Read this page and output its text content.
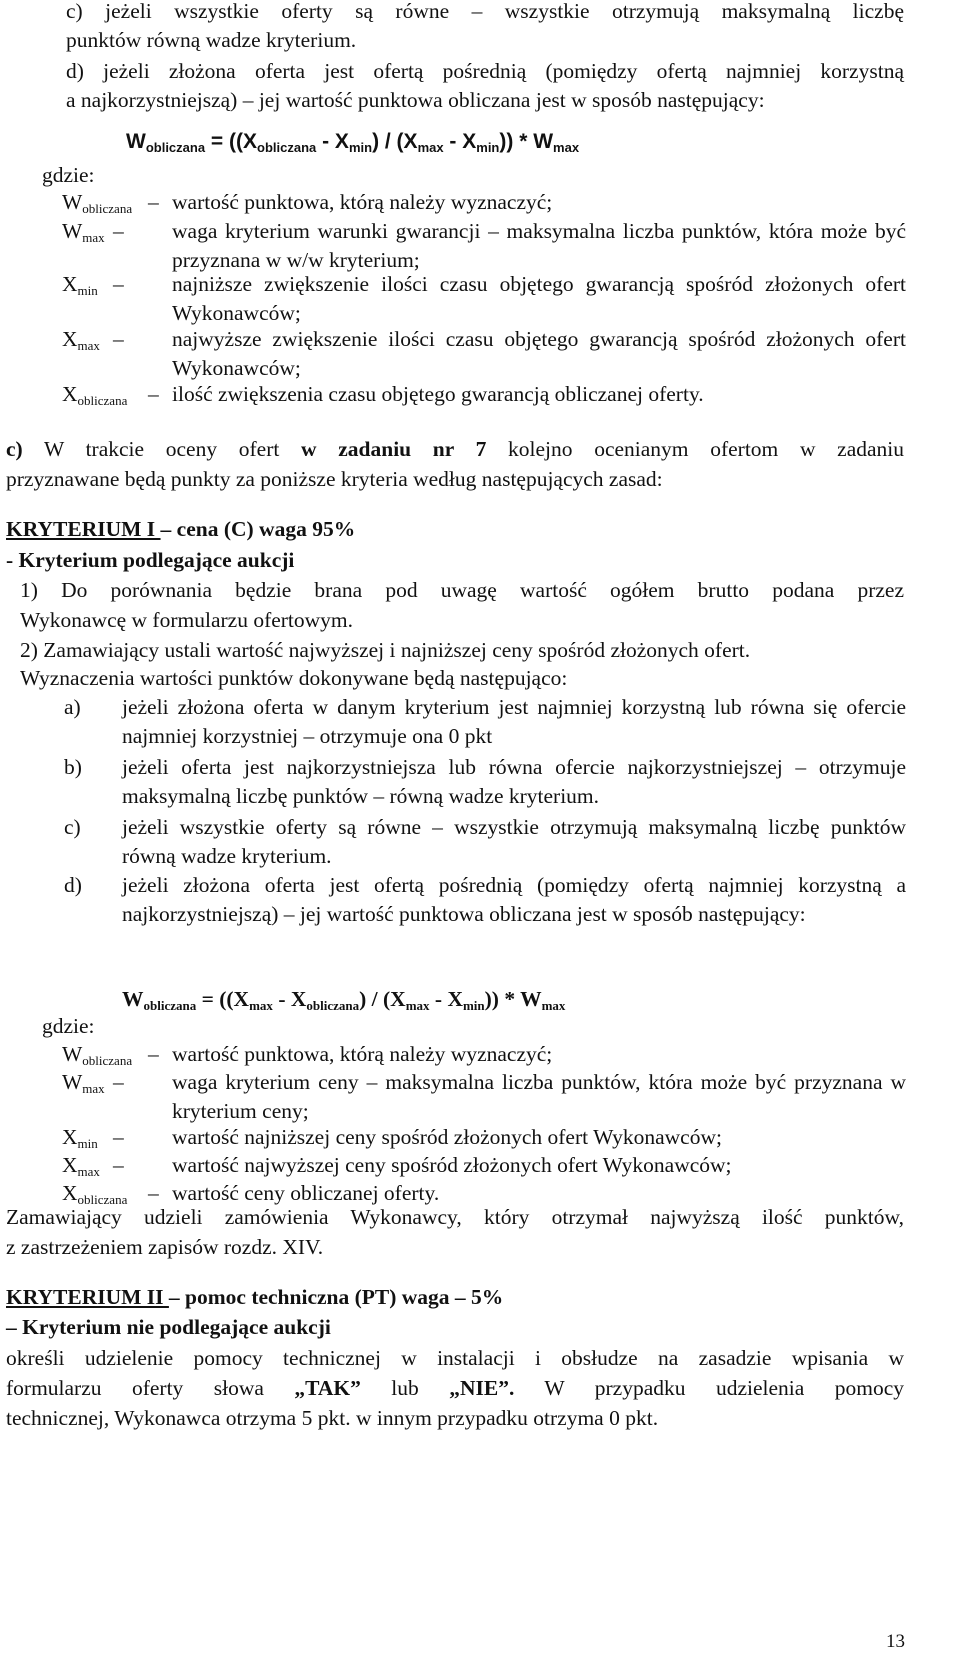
c) jeżeli wszystkie oferty są równe – wszystkie otrzymują maksymalną liczbę
punktów równą wadze kryterium.
d) jeżeli złożona oferta jest ofertą pośrednią (pomiędzy ofertą najmniej korzystną
a najkorzystniejszą) – jej wartość punktowa obliczana jest w sposób następujący:
$W_{obliczana} = ((X_{obliczana} - X_{min}) / (X_{max} - X_{min})) * W_{max}$
gdzie:
$W_{obliczana}$ – wartość punktowa, którą należy wyznaczyć;
$W_{max}$ – waga kryterium warunki gwarancji – maksymalna liczba punktów, która może być przyznana w w/w kryterium;
$X_{min}$ – najniższe zwiększenie ilości czasu objętego gwarancją spośród złożonych ofert Wykonawców;
$X_{max}$ – najwyższe zwiększenie ilości czasu objętego gwarancją spośród złożonych ofert Wykonawców;
$X_{obliczana}$ – ilość zwiększenia czasu objętego gwarancją obliczanej oferty.
c) W trakcie oceny ofert w zadaniu nr 7 kolejno ocenianym ofertom w zadaniu
przyznawane będą punkty za poniższe kryteria według następujących zasad:
KRYTERIUM I – cena (C) waga 95%
- Kryterium podlegające aukcji
1) Do porównania będzie brana pod uwagę wartość ogółem brutto podana przez
Wykonawcę w formularzu ofertowym.
2) Zamawiający ustali wartość najwyższej i najniższej ceny spośród złożonych ofert.
Wyznaczenia wartości punktów dokonywane będą następująco:
a) jeżeli złożona oferta w danym kryterium jest najmniej korzystną lub równa się ofercie najmniej korzystniej – otrzymuje ona 0 pkt
b) jeżeli oferta jest najkorzystniejsza lub równa ofercie najkorzystniejszej – otrzymuje maksymalną liczbę punktów – równą wadze kryterium.
c) jeżeli wszystkie oferty są równe – wszystkie otrzymują maksymalną liczbę punktów równą wadze kryterium.
d) jeżeli złożona oferta jest ofertą pośrednią (pomiędzy ofertą najmniej korzystną a najkorzystniejszą) – jej wartość punktowa obliczana jest w sposób następujący:
$W_{obliczana} = ((X_{max} - X_{obliczana}) / (X_{max} - X_{min})) * W_{max}$
gdzie:
$W_{obliczana}$ – wartość punktowa, którą należy wyznaczyć;
$W_{max}$ – waga kryterium ceny – maksymalna liczba punktów, która może być przyznana w kryterium ceny;
$X_{min}$ – wartość najniższej ceny spośród złożonych ofert Wykonawców;
$X_{max}$ – wartość najwyższej ceny spośród złożonych ofert Wykonawców;
$X_{obliczana}$ – wartość ceny obliczanej oferty.
Zamawiający udzieli zamówienia Wykonawcy, który otrzymał najwyższą ilość punktów,
z zastrzeżeniem zapisów rozdz. XIV.
KRYTERIUM II – pomoc techniczna (PT) waga – 5%
– Kryterium nie podlegające aukcji
określi udzielenie pomocy technicznej w instalacji i obsłudze na zasadzie wpisania w
formularzu oferty słowa „TAK” lub „NIE”. W przypadku udzielenia pomocy
technicznej, Wykonawca otrzyma 5 pkt. w innym przypadku otrzyma 0 pkt.
13
